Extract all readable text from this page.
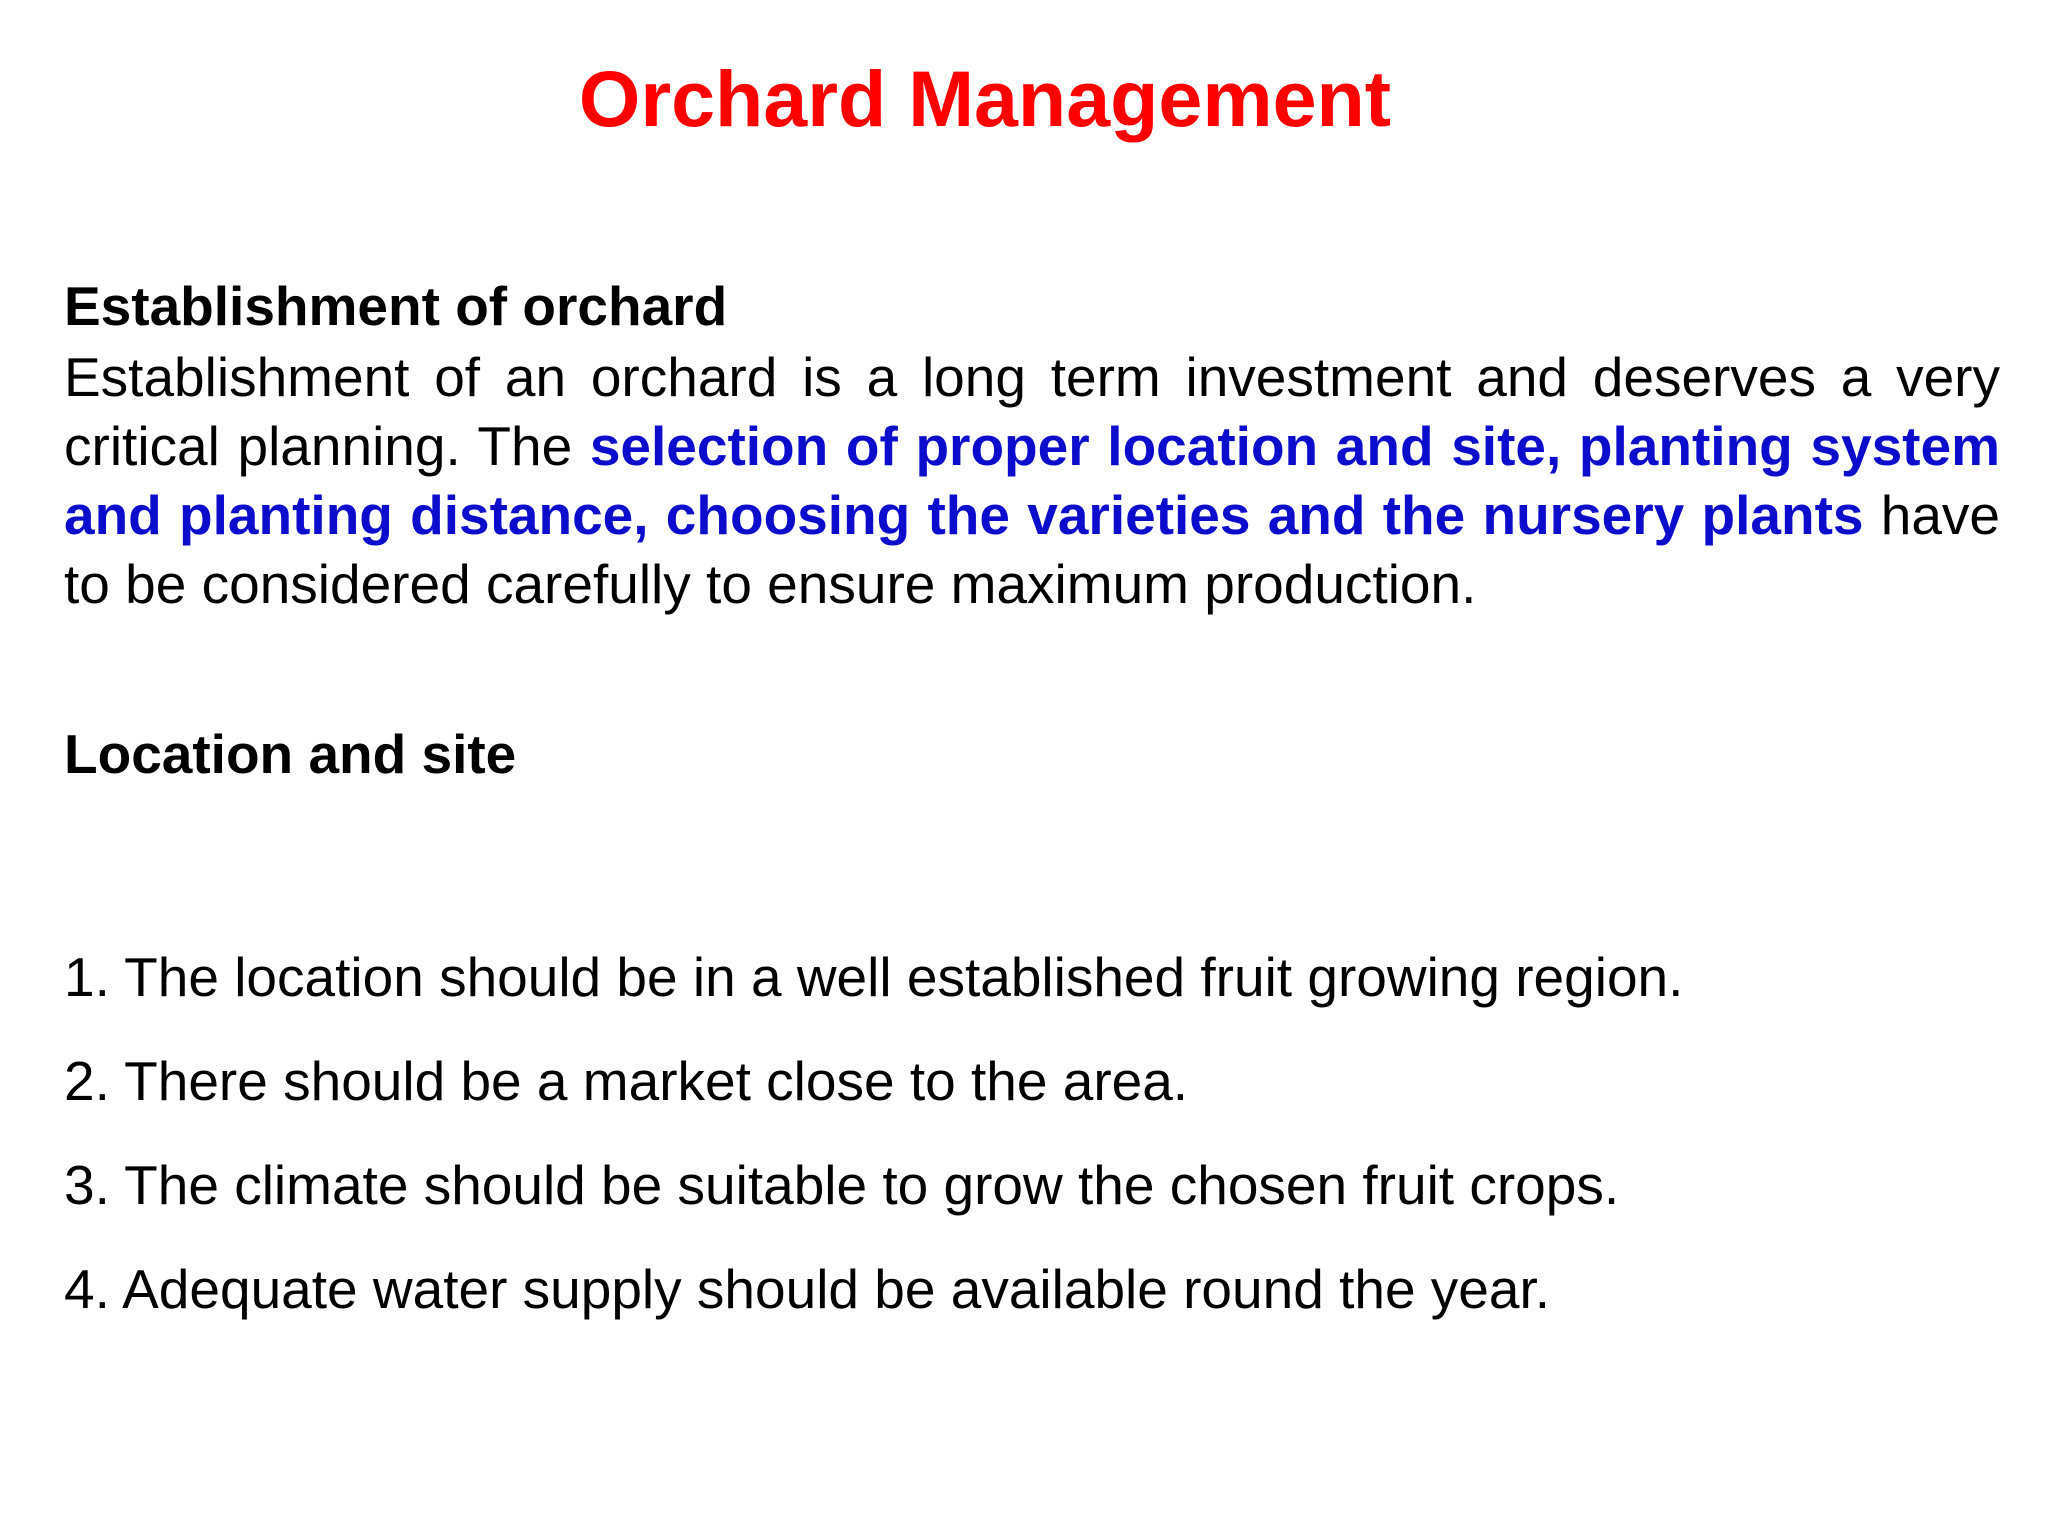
Orchard Management
Establishment of orchard
Establishment of an orchard is a long term investment and deserves a very critical planning. The selection of proper location and site, planting system and planting distance, choosing the varieties and the nursery plants have to be considered carefully to ensure maximum production.
Location and site
1. The location should be in a well established fruit growing region.
2. There should be a market close to the area.
3. The climate should be suitable to grow the chosen fruit crops.
4. Adequate water supply should be available round the year.
